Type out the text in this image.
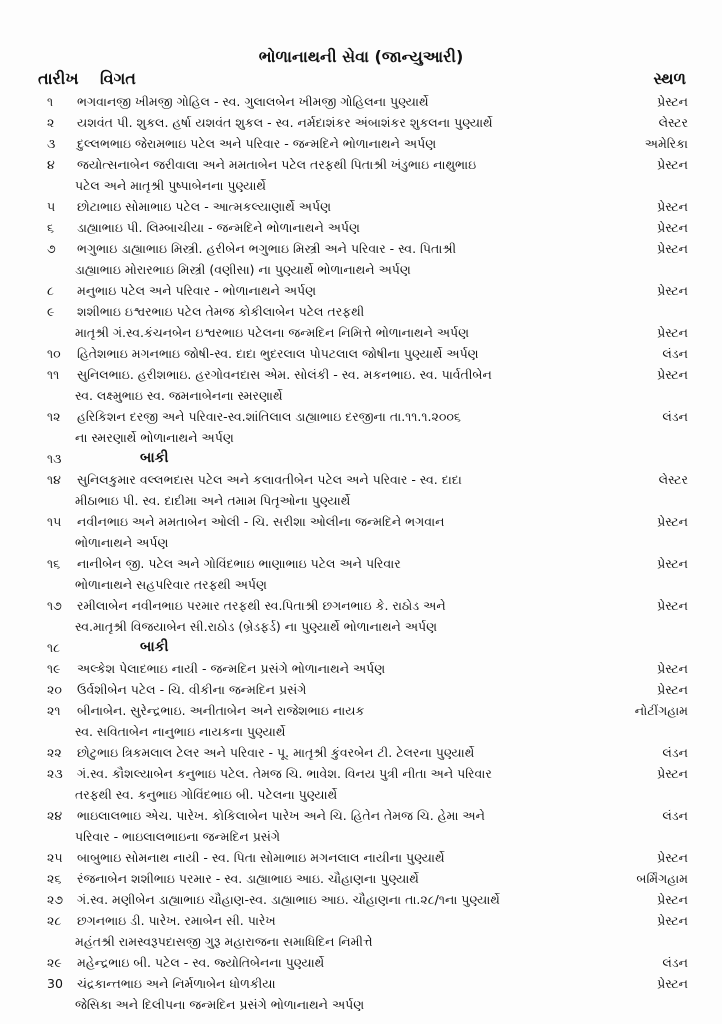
ભોળાનાથની સેવા (જાન્યુઆરી)
તારીખ વિગત	સ્થળ
૧ ભગવાનજી ખીમજી ગોહિલ - સ્વ. ગુલાલબેન ખીમજી ગોહિલના પુણ્યાર્થે	પ્રેસ્ટન
૨ યશવંત પી. શુકલ. હર્ષા યશવંત શુકલ - સ્વ. નર્મદાશંકર અંબાશંકર શુકલના પુણ્યાર્થે	લેસ્ટર
૩ દુલ્લભભાઇ જેરામભાઇ પટેલ અને પરિવાર - જન્મદિને ભોળાનાથને અર્પણ	અમેરિકા
૪ જયોત્સનાબેન જરીવાલા અને મમતાબેન પટેલ તરફથી પિતાશ્રી ખંડુભાઇ નાથુભાઇ	પ્રેસ્ટન
પટેલ અને માતૃશ્રી પુષ્પાબેનના પુણ્યાર્થે
૫ છોટાભાઇ સોમાભાઇ પટેલ - આત્મકલ્યાણાર્થે અર્પણ	પ્રેસ્ટન
૬ ડાહ્યાભાઇ પી. લિમ્બાચીયા - જન્મદિને ભોળાનાથને અર્પણ	પ્રેસ્ટન
૭ ભગુભાઇ ડાહ્યાભાઇ મિસ્ત્રી. હરીબેન ભગુભાઇ મિસ્ત્રી અને પરિવાર - સ્વ. પિતાશ્રી	પ્રેસ્ટન
ડાહ્યાભાઇ મોરારભાઇ મિસ્ત્રી (વણીસા) ના પુણ્યાર્થે ભોળાનાથને અર્પણ
૮ મનુભાઇ પટેલ અને પરિવાર - ભોળાનાથને અર્પણ	પ્રેસ્ટન
૯ શશીભાઇ ઇશ્વરભાઇ પટેલ તેમજ કોકીલાબેન પટેલ તરફથી
માતૃશ્રી ગં.સ્વ.કંચનબેન ઇશ્વરભાઇ પટેલના જન્મદિન નિમિત્તે ભોળાનાથને અર્પણ	પ્રેસ્ટન
૧૦ હિતેશભાઇ મગનભાઇ જોષી-સ્વ. દાદા ભુદરલાલ પોપટલાલ જોષીના પુણ્યાર્થે અર્પણ	લંડન
૧૧ સુનિલભાઇ. હરીશભાઇ. હરગોવનદાસ એમ. સોલંકી - સ્વ. મકનભાઇ. સ્વ. પાર્વતીબેન	પ્રેસ્ટન
સ્વ. લક્ષ્મુભાઇ સ્વ. જમનાબેનના સ્મરણાર્થે
૧૨ હરિકિશન દરજી અને પરિવાર-સ્વ.શાંતિલાલ ડાહ્યાભાઇ દરજીના તા.૧૧.૧.૨૦૦૬	લંડન
ના સ્મરણાર્થે ભોળાનાથને અર્પણ
૧૩	બાકી
૧૪ સુનિલકુમાર વલ્લભદાસ પટેલ અને કલાવતીબેન પટેલ અને પરિવાર - સ્વ. દાદા	લેસ્ટર
મીઠાભાઇ પી. સ્વ. દાદીમા અને તમામ પિતૃઓના પુણ્યાર્થે
૧૫ નવીનભાઇ અને મમતાબેન ઓલી - ચિ. સરીશા ઓલીના જન્મદિને ભગવાન	પ્રેસ્ટન
ભોળાનાથને અર્પણ
૧૬ નાનીબેન જી. પટેલ અને ગોવિંદભાઇ ભાણાભાઇ પટેલ અને પરિવાર	પ્રેસ્ટન
ભોળાનાથને સહપરિવાર તરફથી અર્પણ
૧૭ રમીલાબેન નવીનભાઇ પરમાર તરફથી સ્વ.પિતાશ્રી છગનભાઇ કે. રાઠોડ અને	પ્રેસ્ટન
સ્વ.માતૃશ્રી વિજયાબેન સી.રાઠોડ (બ્રેડફર્ડ) ના પુણ્યાર્થે ભોળાનાથને અર્પણ
૧૮	બાકી
૧૯ અલ્કેશ પેલાદભાઇ નાયી - જન્મદિન પ્રસંગે ભોળાનાથને અર્પણ	પ્રેસ્ટન
૨૦ ઉર્વશીબેન પટેલ - ચિ. વીકીના જન્મદિન પ્રસંગે	પ્રેસ્ટન
૨૧ બીનાબેન. સુરેન્દ્રભાઇ. અનીતાબેન અને રાજેશભાઇ નાયક	નોટીંગહામ
સ્વ. સવિતાબેન નાનુભાઇ નાયકના પુણ્યાર્થે
૨૨ છોટુભાઇ ત્રિકમલાલ ટેલર અને પરિવાર - પૂ. માતૃશ્રી કુંવરબેન ટી. ટેલરના પુણ્યાર્થે	લંડન
૨૩ ગં.સ્વ. કૌશલ્યાબેન કનુભાઇ પટેલ. તેમજ ચિ. ભાવેશ. વિનય પુત્રી નીતા અને પરિવાર	પ્રેસ્ટન
તરફથી સ્વ. કનુભાઇ ગોવિંદભાઇ બી. પટેલના પુણ્યાર્થે
૨૪ ભાઇલાલભાઇ એચ. પારેખ. કોકિલાબેન પારેખ અને ચિ. હિતેન તેમજ ચિ. હેમા અને	લંડન
પરિવાર - ભાઇલાલભાઇના જન્મદિન પ્રસંગે
૨૫ બાબુભાઇ સોમનાથ નાયી - સ્વ. પિતા સોમાભાઇ મગનલાલ નાયીના પુણ્યાર્થે	પ્રેસ્ટન
૨૬ રંજનાબેન શશીભાઇ પરમાર - સ્વ. ડાહ્યાભાઇ આઇ. ચૌહાણના પુણ્યાર્થે	બર્મિંગહામ
૨૭ ગં.સ્વ. મણીબેન ડાહ્યાભાઇ ચૌહાણ-સ્વ. ડાહ્યાભાઇ આઇ. ચૌહાણના તા.૨૮/૧ના પુણ્યાર્થે	પ્રેસ્ટન
૨૮ છગનભાઇ ડી. પારેખ. રમાબેન સી. પારેખ	પ્રેસ્ટન
મહંતશ્રી રામસ્વરૂપદાસજી ગુરૂ મહારાજના સમાધિદિન નિમીત્તે
૨૯ મહેન્દ્રભાઇ બી. પટેલ - સ્વ. જ્યોતિબેનના પુણ્યાર્થે	લંડન
30 ચંદ્રકાન્તભાઇ અને નિર્મળાબેન ધોળકીયા	પ્રેસ્ટન
જેસિકા અને દિલીપના જન્મદિન પ્રસંગે ભોળાનાથને અર્પણ
